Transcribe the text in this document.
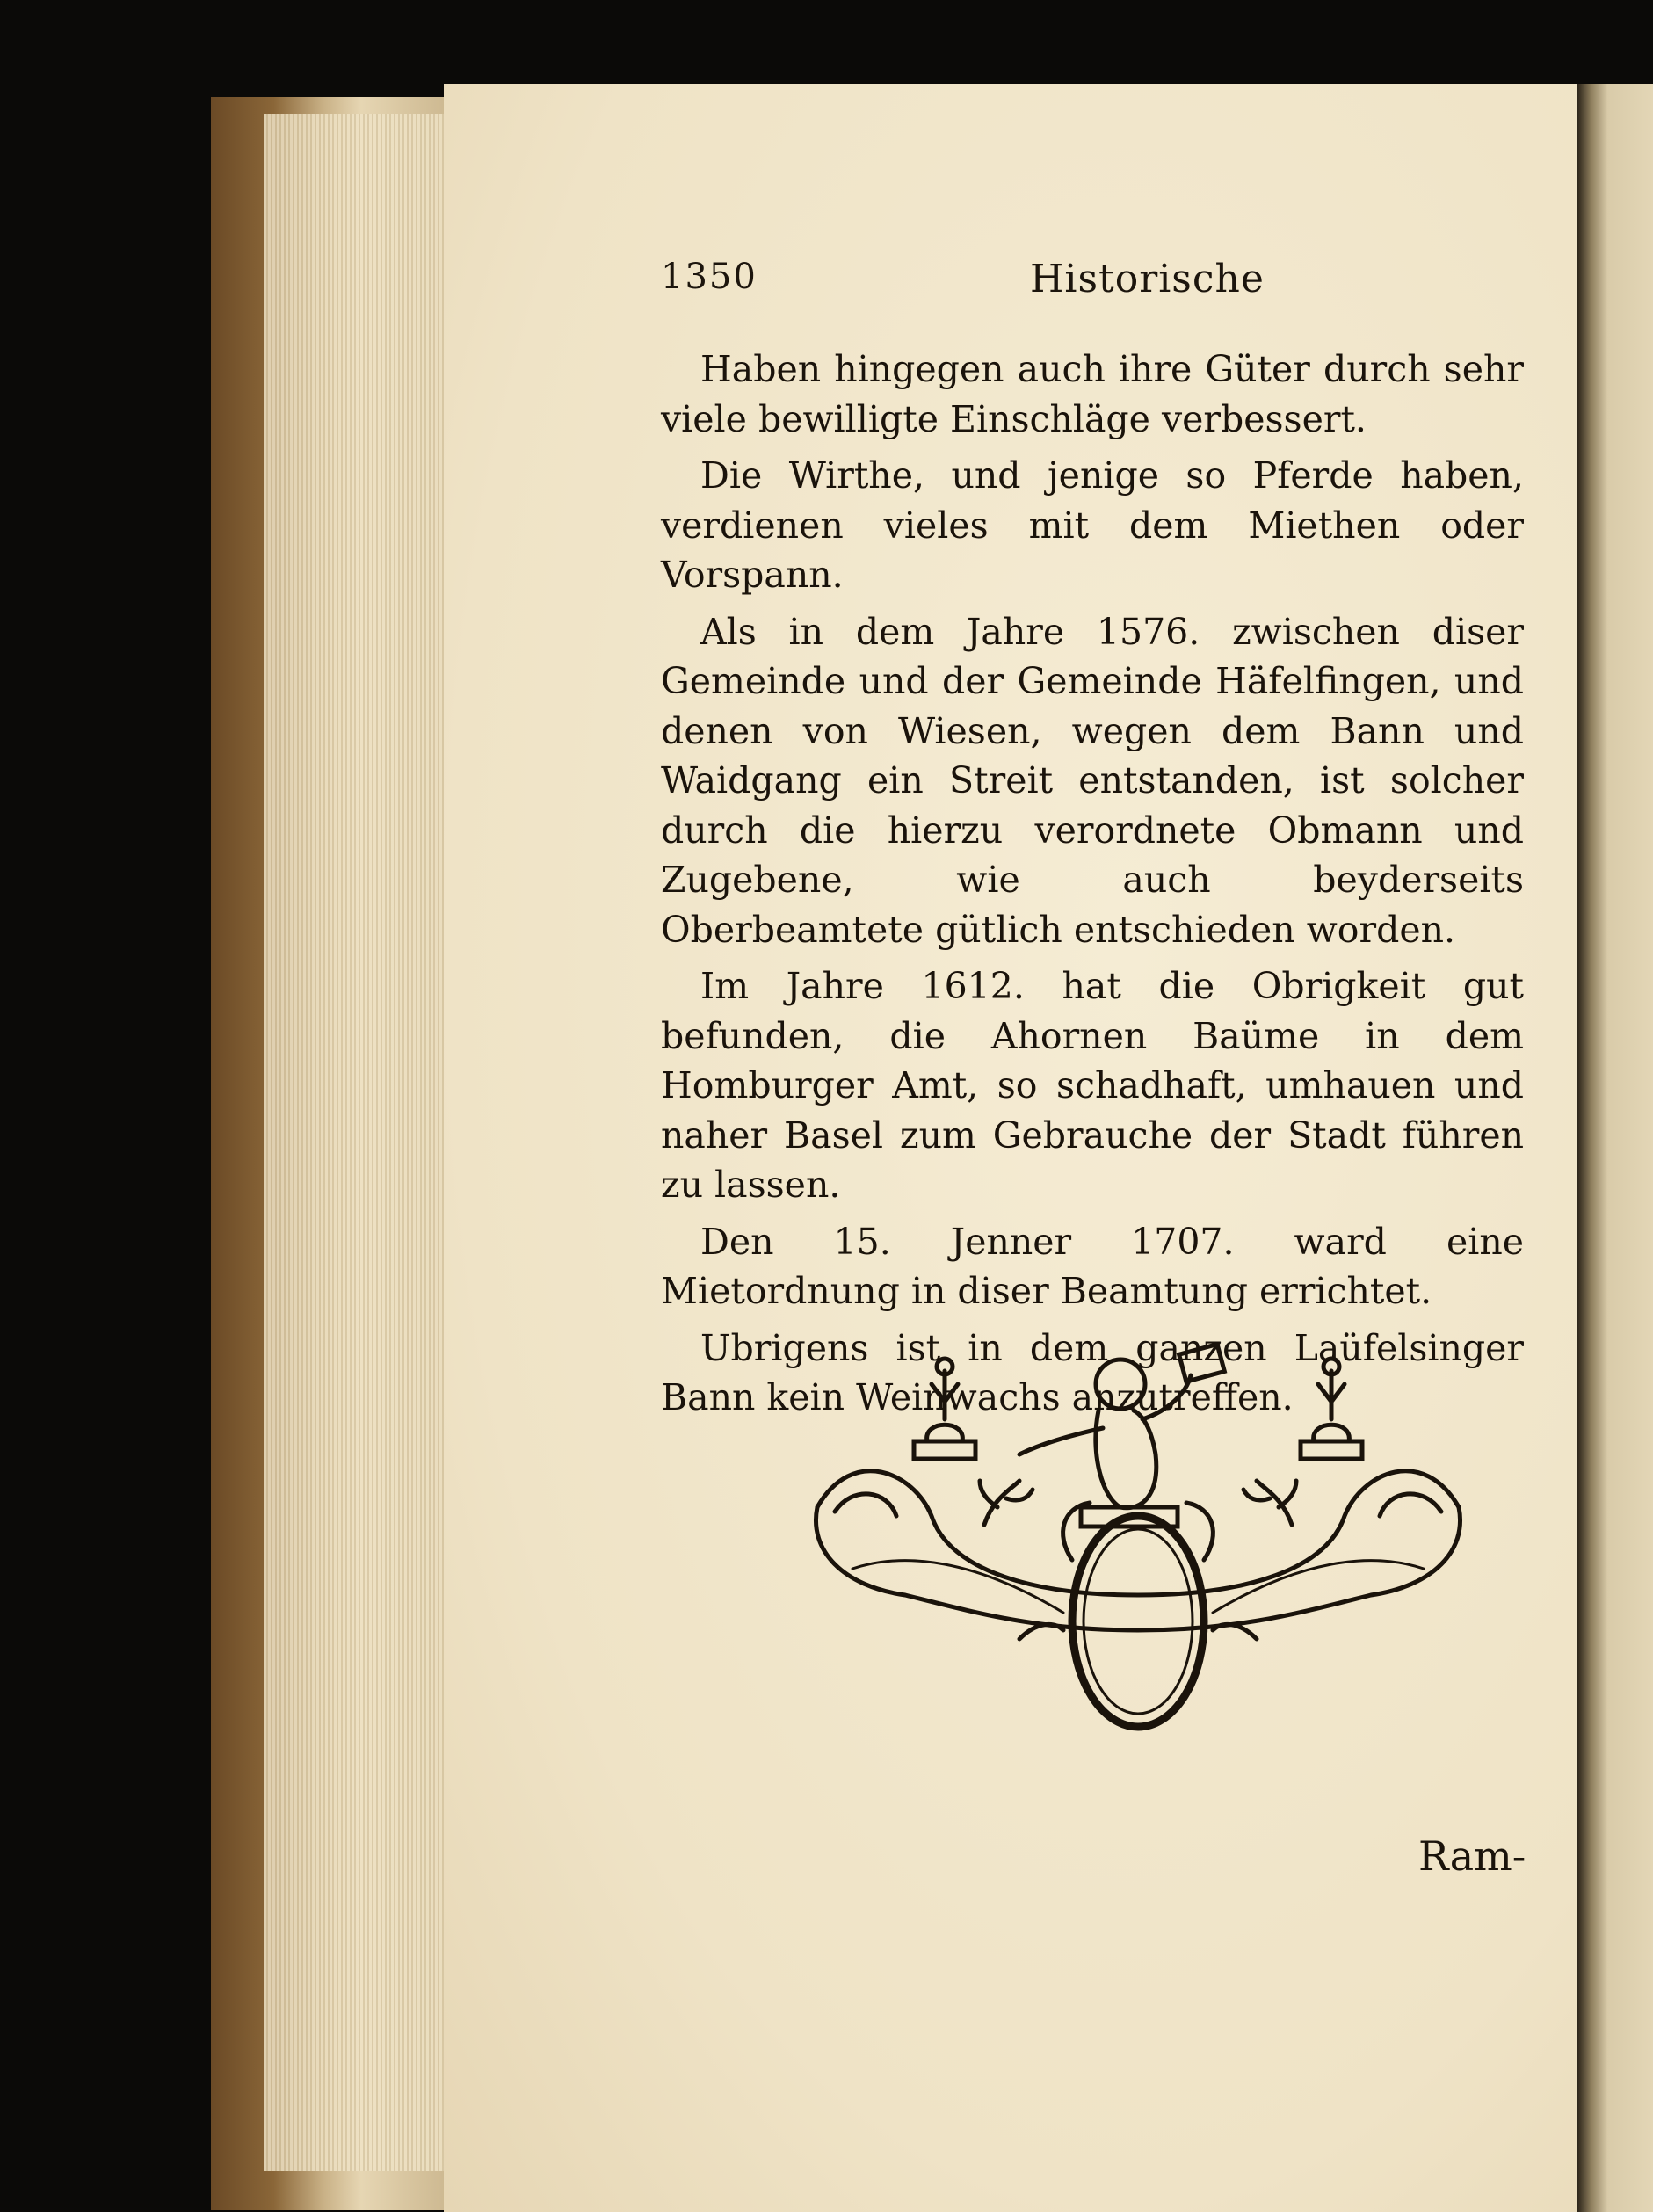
1350	Historische

Haben hingegen auch ihre Güter durch sehr viele bewilligte Einschläge verbessert.

Die Wirthe, und jenige so Pferde haben, verdienen vieles mit dem Miethen oder Vorspann.

Als in dem Jahre 1576. zwischen diser Gemeinde und der Gemeinde Häfelfingen, und denen von Wiesen, wegen dem Bann und Waidgang ein Streit entstanden, ist solcher durch die hierzu verordnete Obmann und Zugebene, wie auch beyderseits Oberbeamtete gütlich entschieden worden.

Im Jahre 1612. hat die Obrigkeit gut befunden, die Ahornen Baüme in dem Homburger Amt, so schadhaft, umhauen und naher Basel zum Gebrauche der Stadt führen zu lassen.

Den 15. Jenner 1707. ward eine Mietordnung in diser Beamtung errichtet.

Ubrigens ist in dem ganzen Laüfelsinger Bann kein Weinwachs anzutreffen.

Ram-
